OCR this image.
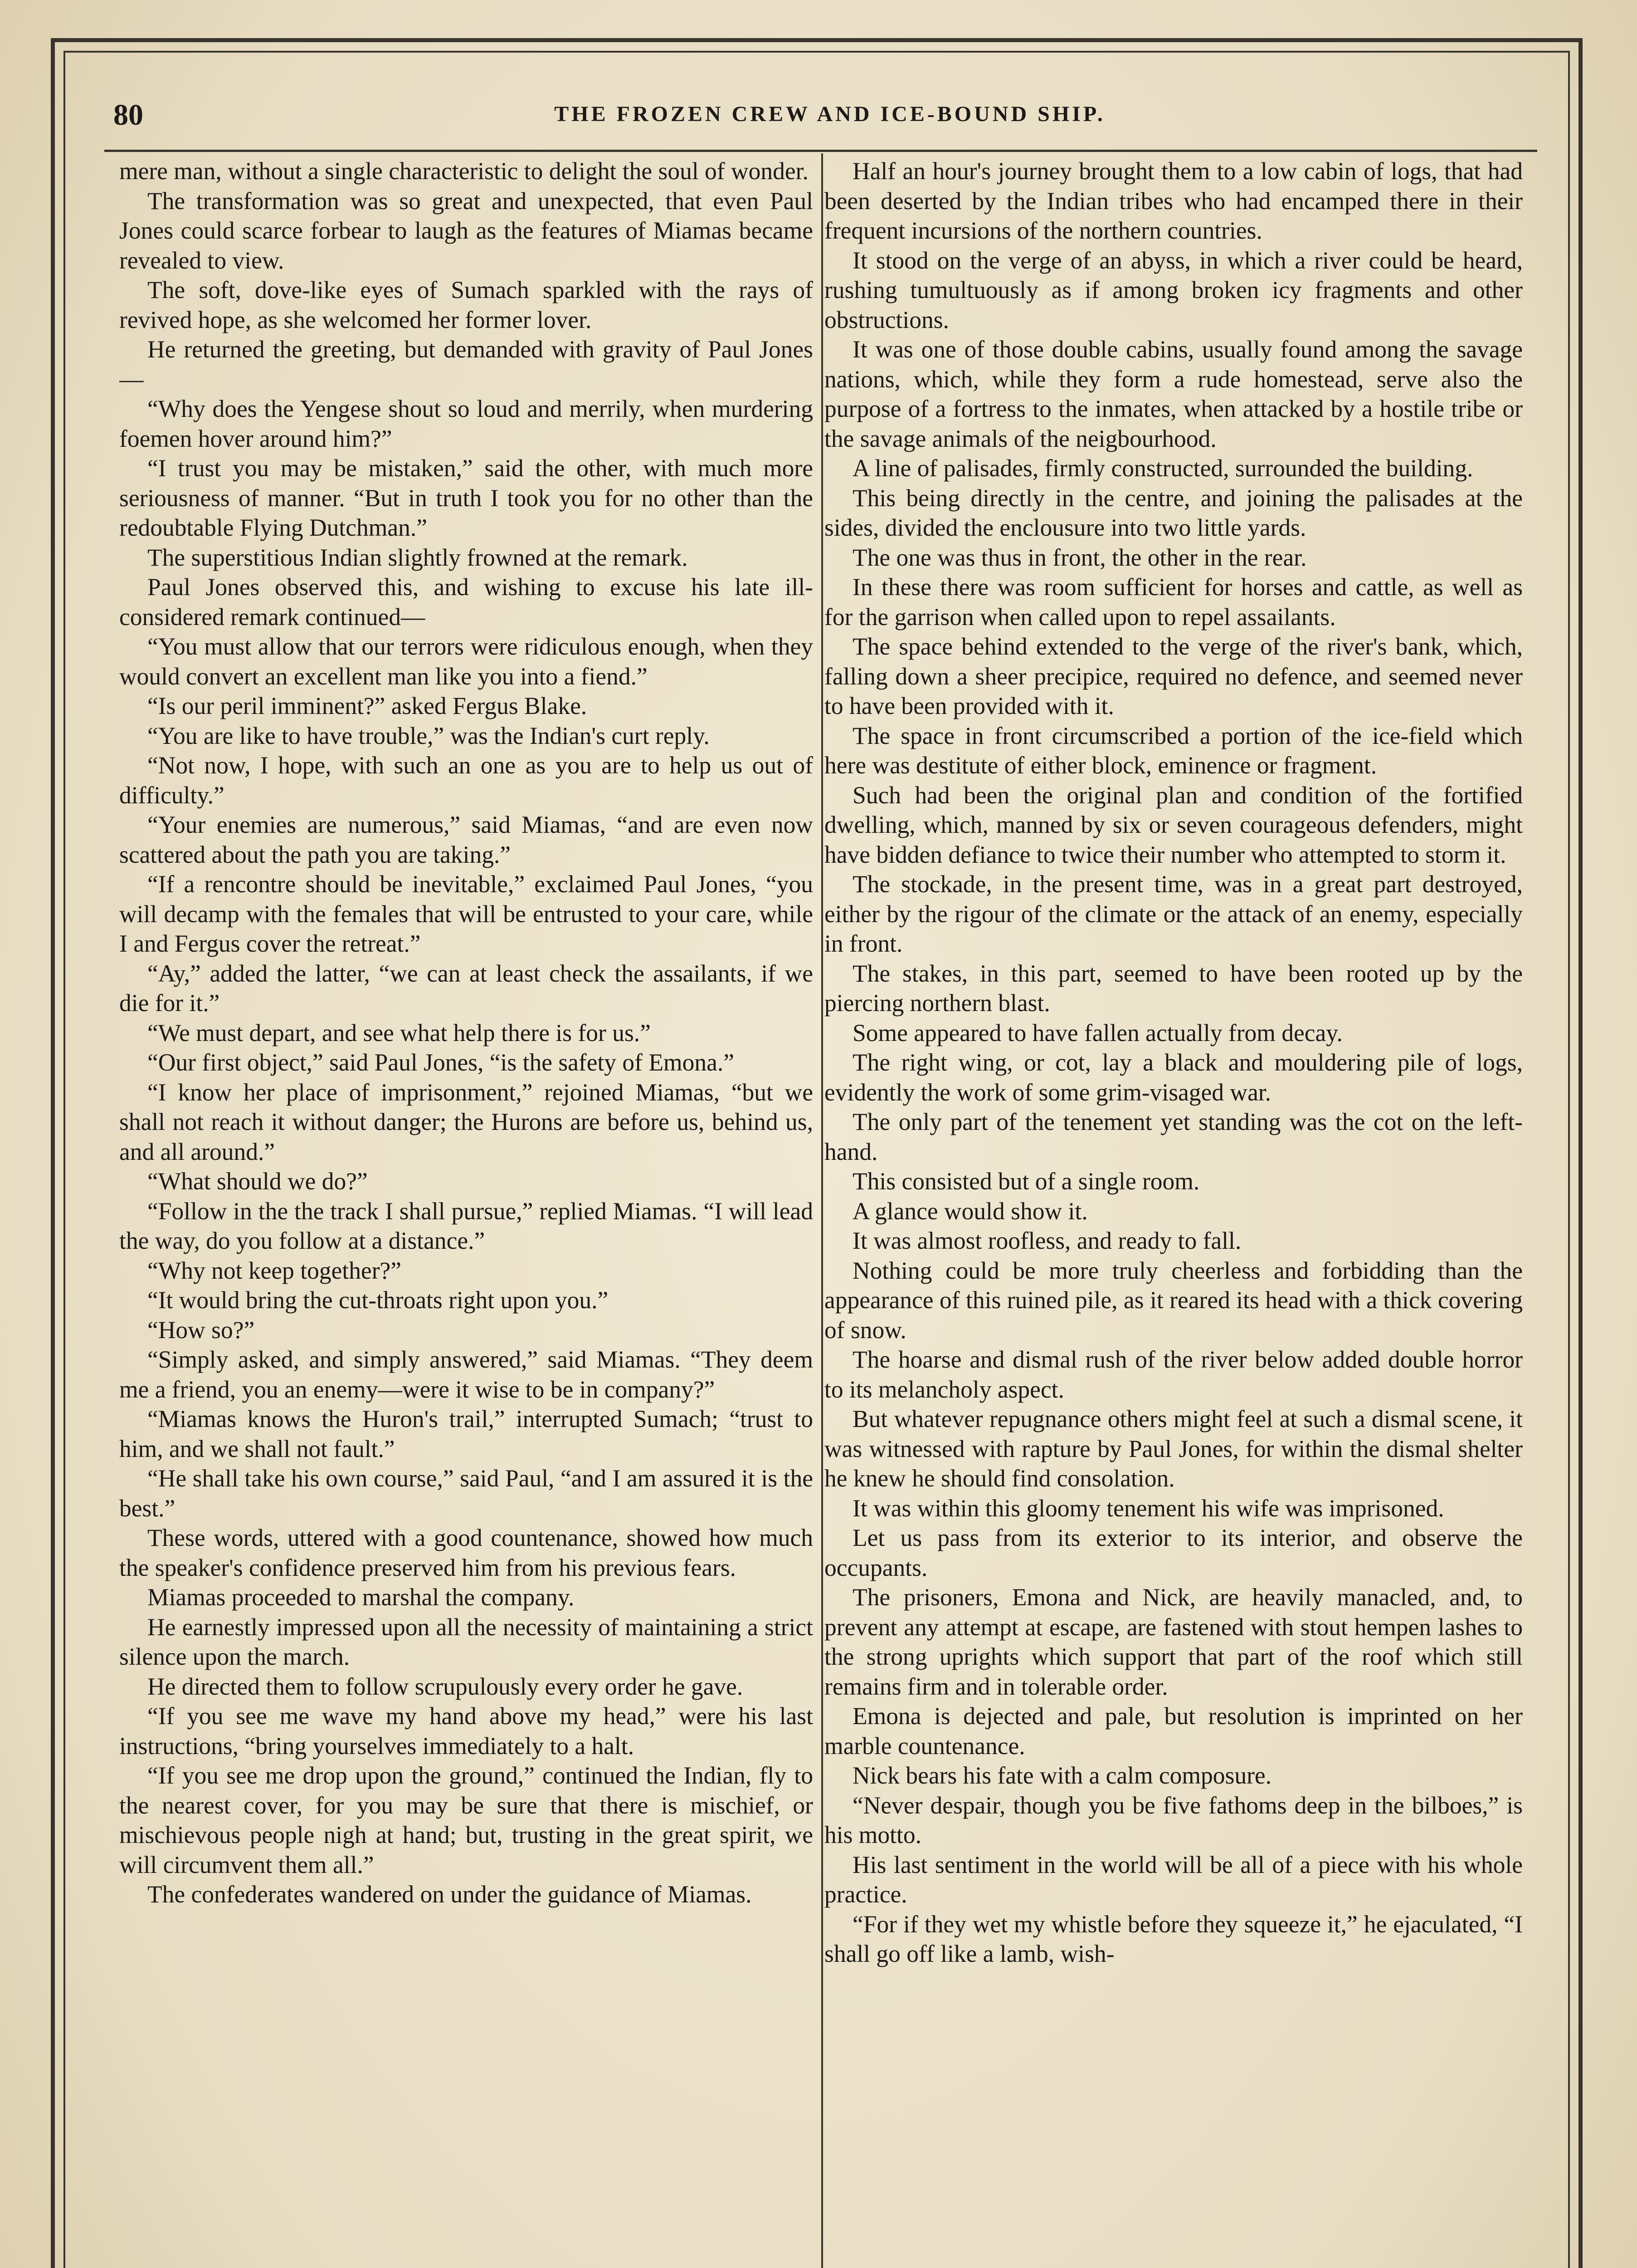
80	THE FROZEN CREW AND ICE-BOUND SHIP.

mere man, without a single characteristic to delight the soul of wonder.

The transformation was so great and unexpected, that even Paul Jones could scarce forbear to laugh as the features of Miamas became revealed to view.

The soft, dove-like eyes of Sumach sparkled with the rays of revived hope, as she welcomed her former lover.

He returned the greeting, but demanded with gravity of Paul Jones—

“Why does the Yengese shout so loud and merrily, when murdering foemen hover around him?”

“I trust you may be mistaken,” said the other, with much more seriousness of manner. “But in truth I took you for no other than the redoubtable Flying Dutchman.”

The superstitious Indian slightly frowned at the remark.

Paul Jones observed this, and wishing to excuse his late ill-considered remark continued—

“You must allow that our terrors were ridiculous enough, when they would convert an excellent man like you into a fiend.”

“Is our peril imminent?” asked Fergus Blake.

“You are like to have trouble,” was the Indian's curt reply.

“Not now, I hope, with such an one as you are to help us out of difficulty.”

“Your enemies are numerous,” said Miamas, “and are even now scattered about the path you are taking.”

“If a rencontre should be inevitable,” exclaimed Paul Jones, “you will decamp with the females that will be entrusted to your care, while I and Fergus cover the retreat.”

“Ay,” added the latter, “we can at least check the assailants, if we die for it.”

“We must depart, and see what help there is for us.”

“Our first object,” said Paul Jones, “is the safety of Emona.”

“I know her place of imprisonment,” rejoined Miamas, “but we shall not reach it without danger; the Hurons are before us, behind us, and all around.”

“What should we do?”

“Follow in the the track I shall pursue,” replied Miamas. “I will lead the way, do you follow at a distance.”

“Why not keep together?”

“It would bring the cut-throats right upon you.”

“How so?”

“Simply asked, and simply answered,” said Miamas. “They deem me a friend, you an enemy—were it wise to be in company?”

“Miamas knows the Huron's trail,” interrupted Sumach; “trust to him, and we shall not fault.”

“He shall take his own course,” said Paul, “and I am assured it is the best.”

These words, uttered with a good countenance, showed how much the speaker's confidence preserved him from his previous fears.

Miamas proceeded to marshal the company.

He earnestly impressed upon all the necessity of maintaining a strict silence upon the march.

He directed them to follow scrupulously every order he gave.

“If you see me wave my hand above my head,” were his last instructions, “bring yourselves immediately to a halt.

“If you see me drop upon the ground,” continued the Indian, fly to the nearest cover, for you may be sure that there is mischief, or mischievous people nigh at hand; but, trusting in the great spirit, we will circumvent them all.”

The confederates wandered on under the guidance of Miamas.

Half an hour's journey brought them to a low cabin of logs, that had been deserted by the Indian tribes who had encamped there in their frequent incursions of the northern countries.

It stood on the verge of an abyss, in which a river could be heard, rushing tumultuously as if among broken icy fragments and other obstructions.

It was one of those double cabins, usually found among the savage nations, which, while they form a rude homestead, serve also the purpose of a fortress to the inmates, when attacked by a hostile tribe or the savage animals of the neigbourhood.

A line of palisades, firmly constructed, surrounded the building.

This being directly in the centre, and joining the palisades at the sides, divided the enclousure into two little yards.

The one was thus in front, the other in the rear.

In these there was room sufficient for horses and cattle, as well as for the garrison when called upon to repel assailants.

The space behind extended to the verge of the river's bank, which, falling down a sheer precipice, required no defence, and seemed never to have been provided with it.

The space in front circumscribed a portion of the ice-field which here was destitute of either block, eminence or fragment.

Such had been the original plan and condition of the fortified dwelling, which, manned by six or seven courageous defenders, might have bidden defiance to twice their number who attempted to storm it.

The stockade, in the present time, was in a great part destroyed, either by the rigour of the climate or the attack of an enemy, especially in front.

The stakes, in this part, seemed to have been rooted up by the piercing northern blast.

Some appeared to have fallen actually from decay.

The right wing, or cot, lay a black and mouldering pile of logs, evidently the work of some grim-visaged war.

The only part of the tenement yet standing was the cot on the left-hand.

This consisted but of a single room.

A glance would show it.

It was almost roofless, and ready to fall.

Nothing could be more truly cheerless and forbidding than the appearance of this ruined pile, as it reared its head with a thick covering of snow.

The hoarse and dismal rush of the river below added double horror to its melancholy aspect.

But whatever repugnance others might feel at such a dismal scene, it was witnessed with rapture by Paul Jones, for within the dismal shelter he knew he should find consolation.

It was within this gloomy tenement his wife was imprisoned.

Let us pass from its exterior to its interior, and observe the occupants.

The prisoners, Emona and Nick, are heavily manacled, and, to prevent any attempt at escape, are fastened with stout hempen lashes to the strong uprights which support that part of the roof which still remains firm and in tolerable order.

Emona is dejected and pale, but resolution is imprinted on her marble countenance.

Nick bears his fate with a calm composure.

“Never despair, though you be five fathoms deep in the bilboes,” is his motto.

His last sentiment in the world will be all of a piece with his whole practice.

“For if they wet my whistle before they squeeze it,” he ejaculated, “I shall go off like a lamb, wish-
